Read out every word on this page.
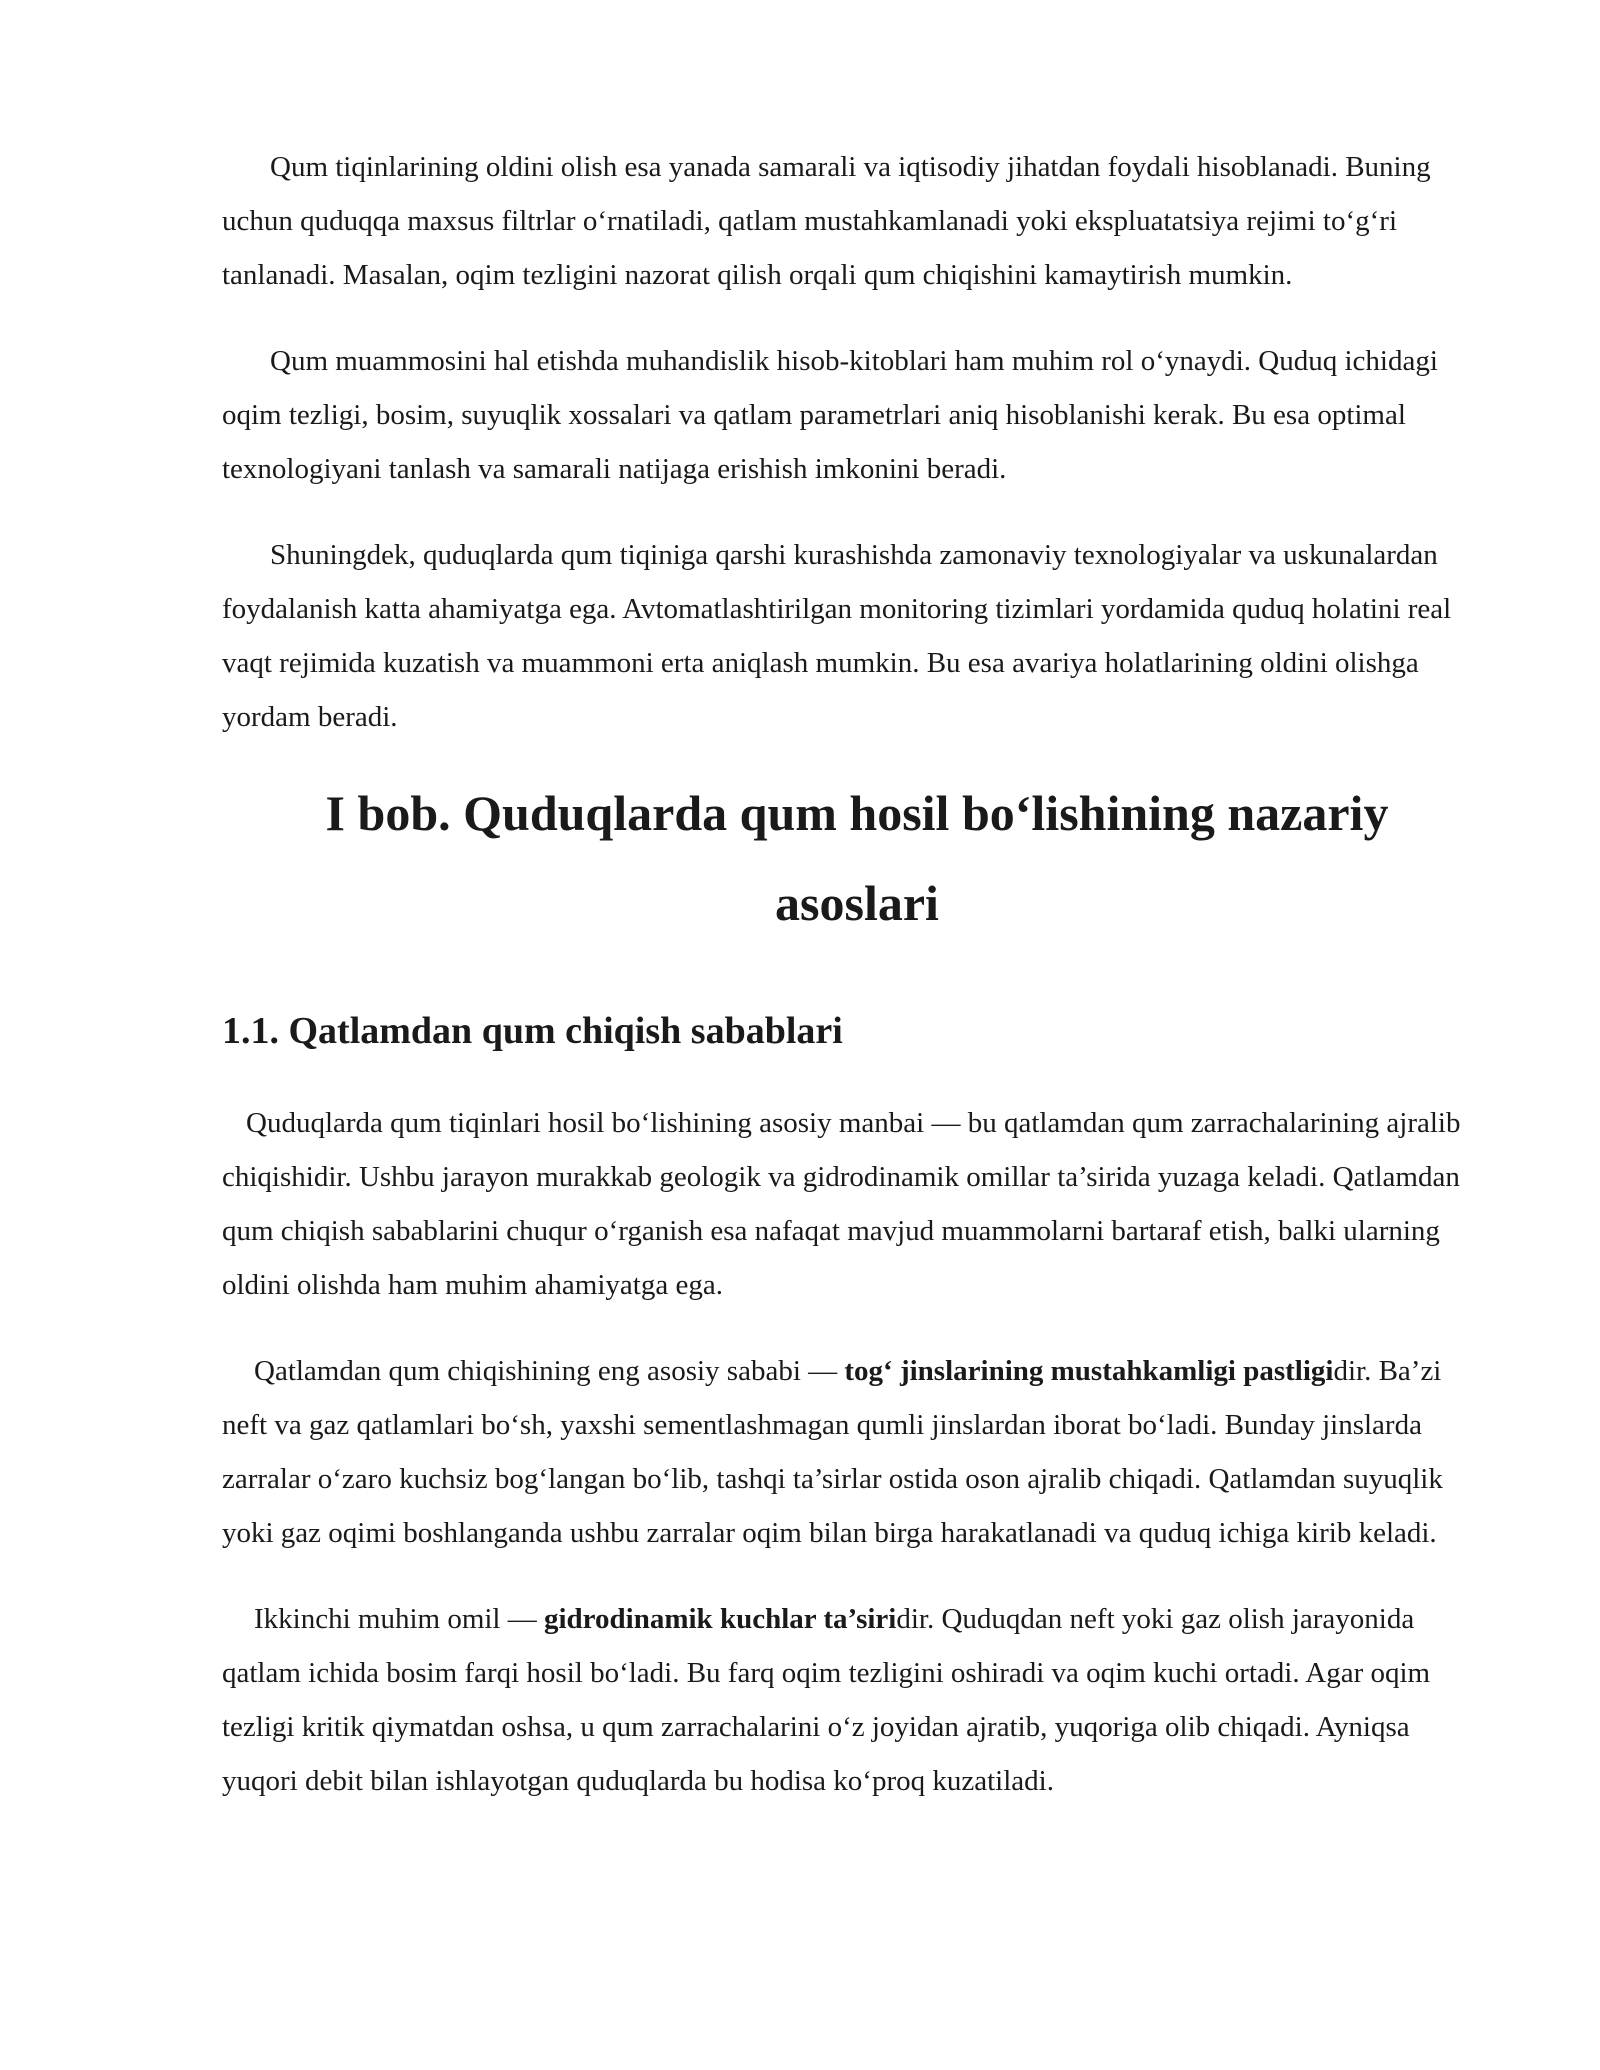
Qum tiqinlarining oldini olish esa yanada samarali va iqtisodiy jihatdan foydali hisoblanadi. Buning uchun quduqqa maxsus filtrlar o‘rnatiladi, qatlam mustahkamlanadi yoki ekspluatatsiya rejimi to‘g‘ri tanlanadi. Masalan, oqim tezligini nazorat qilish orqali qum chiqishini kamaytirish mumkin.

Qum muammosini hal etishda muhandislik hisob-kitoblari ham muhim rol o‘ynaydi. Quduq ichidagi oqim tezligi, bosim, suyuqlik xossalari va qatlam parametrlari aniq hisoblanishi kerak. Bu esa optimal texnologiyani tanlash va samarali natijaga erishish imkonini beradi.

Shuningdek, quduqlarda qum tiqiniga qarshi kurashishda zamonaviy texnologiyalar va uskunalardan foydalanish katta ahamiyatga ega. Avtomatlashtirilgan monitoring tizimlari yordamida quduq holatini real vaqt rejimida kuzatish va muammoni erta aniqlash mumkin. Bu esa avariya holatlarining oldini olishga yordam beradi.

I bob. Quduqlarda qum hosil bo‘lishining nazariy asoslari
1.1. Qatlamdan qum chiqish sabablari

Quduqlarda qum tiqinlari hosil bo‘lishining asosiy manbai — bu qatlamdan qum zarrachalarining ajralib chiqishidir. Ushbu jarayon murakkab geologik va gidrodinamik omillar ta’sirida yuzaga keladi. Qatlamdan qum chiqish sabablarini chuqur o‘rganish esa nafaqat mavjud muammolarni bartaraf etish, balki ularning oldini olishda ham muhim ahamiyatga ega.

Qatlamdan qum chiqishining eng asosiy sababi — tog‘ jinslarining mustahkamligi pastligidir. Ba’zi neft va gaz qatlamlari bo‘sh, yaxshi sementlashmagan qumli jinslardan iborat bo‘ladi. Bunday jinslarda zarralar o‘zaro kuchsiz bog‘langan bo‘lib, tashqi ta’sirlar ostida oson ajralib chiqadi. Qatlamdan suyuqlik yoki gaz oqimi boshlanganda ushbu zarralar oqim bilan birga harakatlanadi va quduq ichiga kirib keladi.

Ikkinchi muhim omil — gidrodinamik kuchlar ta’siridir. Quduqdan neft yoki gaz olish jarayonida qatlam ichida bosim farqi hosil bo‘ladi. Bu farq oqim tezligini oshiradi va oqim kuchi ortadi. Agar oqim tezligi kritik qiymatdan oshsa, u qum zarrachalarini o‘z joyidan ajratib, yuqoriga olib chiqadi. Ayniqsa yuqori debit bilan ishlayotgan quduqlarda bu hodisa ko‘proq kuzatiladi.
